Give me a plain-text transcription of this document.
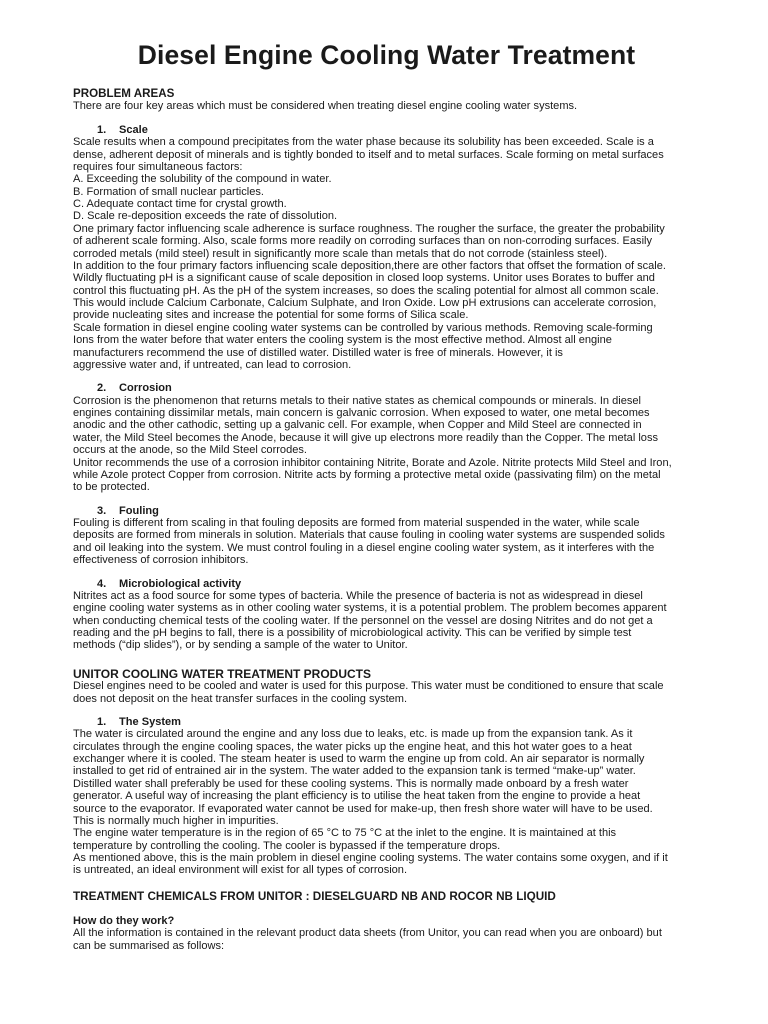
Diesel Engine Cooling Water Treatment
PROBLEM AREAS
There are four key areas which must be considered when treating diesel engine cooling water systems.
1. Scale
Scale results when a compound precipitates from the water phase because its solubility has been exceeded. Scale is a
dense, adherent deposit of minerals and is tightly bonded to itself and to metal surfaces. Scale forming on metal surfaces
requires four simultaneous factors:
A. Exceeding the solubility of the compound in water.
B. Formation of small nuclear particles.
C. Adequate contact time for crystal growth.
D. Scale re-deposition exceeds the rate of dissolution.
One primary factor influencing scale adherence is surface roughness. The rougher the surface, the greater the probability
of adherent scale forming. Also, scale forms more readily on corroding surfaces than on non-corroding surfaces. Easily
corroded metals (mild steel) result in significantly more scale than metals that do not corrode (stainless steel).
In addition to the four primary factors influencing scale deposition,there are other factors that offset the formation of scale.
Wildly fluctuating pH is a significant cause of scale deposition in closed loop systems. Unitor uses Borates to buffer and
control this fluctuating pH. As the pH of the system increases, so does the scaling potential for almost all common scale.
This would include Calcium Carbonate, Calcium Sulphate, and Iron Oxide. Low pH extrusions can accelerate corrosion,
provide nucleating sites and increase the potential for some forms of Silica scale.
Scale formation in diesel engine cooling water systems can be controlled by various methods. Removing scale-forming
Ions from the water before that water enters the cooling system is the most effective method. Almost all engine
manufacturers recommend the use of distilled water. Distilled water is free of minerals. However, it is
aggressive water and, if untreated, can lead to corrosion.
2. Corrosion
Corrosion is the phenomenon that returns metals to their native states as chemical compounds or minerals. In diesel
engines containing dissimilar metals, main concern is galvanic corrosion. When exposed to water, one metal becomes
anodic and the other cathodic, setting up a galvanic cell. For example, when Copper and Mild Steel are connected in
water, the Mild Steel becomes the Anode, because it will give up electrons more readily than the Copper. The metal loss
occurs at the anode, so the Mild Steel corrodes.
Unitor recommends the use of a corrosion inhibitor containing Nitrite, Borate and Azole. Nitrite protects Mild Steel and Iron,
while Azole protect Copper from corrosion. Nitrite acts by forming a protective metal oxide (passivating film) on the metal
to be protected.
3. Fouling
Fouling is different from scaling in that fouling deposits are formed from material suspended in the water, while scale
deposits are formed from minerals in solution. Materials that cause fouling in cooling water systems are suspended solids
and oil leaking into the system. We must control fouling in a diesel engine cooling water system, as it interferes with the
effectiveness of corrosion inhibitors.
4. Microbiological activity
Nitrites act as a food source for some types of bacteria. While the presence of bacteria is not as widespread in diesel
engine cooling water systems as in other cooling water systems, it is a potential problem. The problem becomes apparent
when conducting chemical tests of the cooling water. If the personnel on the vessel are dosing Nitrites and do not get a
reading and the pH begins to fall, there is a possibility of microbiological activity. This can be verified by simple test
methods (“dip slides”), or by sending a sample of the water to Unitor.
UNITOR COOLING WATER TREATMENT PRODUCTS
Diesel engines need to be cooled and water is used for this purpose. This water must be conditioned to ensure that scale
does not deposit on the heat transfer surfaces in the cooling system.
1. The System
The water is circulated around the engine and any loss due to leaks, etc. is made up from the expansion tank. As it
circulates through the engine cooling spaces, the water picks up the engine heat, and this hot water goes to a heat
exchanger where it is cooled. The steam heater is used to warm the engine up from cold. An air separator is normally
installed to get rid of entrained air in the system. The water added to the expansion tank is termed “make-up” water.
Distilled water shall preferably be used for these cooling systems. This is normally made onboard by a fresh water
generator. A useful way of increasing the plant efficiency is to utilise the heat taken from the engine to provide a heat
source to the evaporator. If evaporated water cannot be used for make-up, then fresh shore water will have to be used.
This is normally much higher in impurities.
The engine water temperature is in the region of 65 °C to 75 °C at the inlet to the engine. It is maintained at this
temperature by controlling the cooling. The cooler is bypassed if the temperature drops.
As mentioned above, this is the main problem in diesel engine cooling systems. The water contains some oxygen, and if it
is untreated, an ideal environment will exist for all types of corrosion.
TREATMENT CHEMICALS FROM UNITOR : DIESELGUARD NB AND ROCOR NB LIQUID
How do they work?
All the information is contained in the relevant product data sheets (from Unitor, you can read when you are onboard) but
can be summarised as follows:
